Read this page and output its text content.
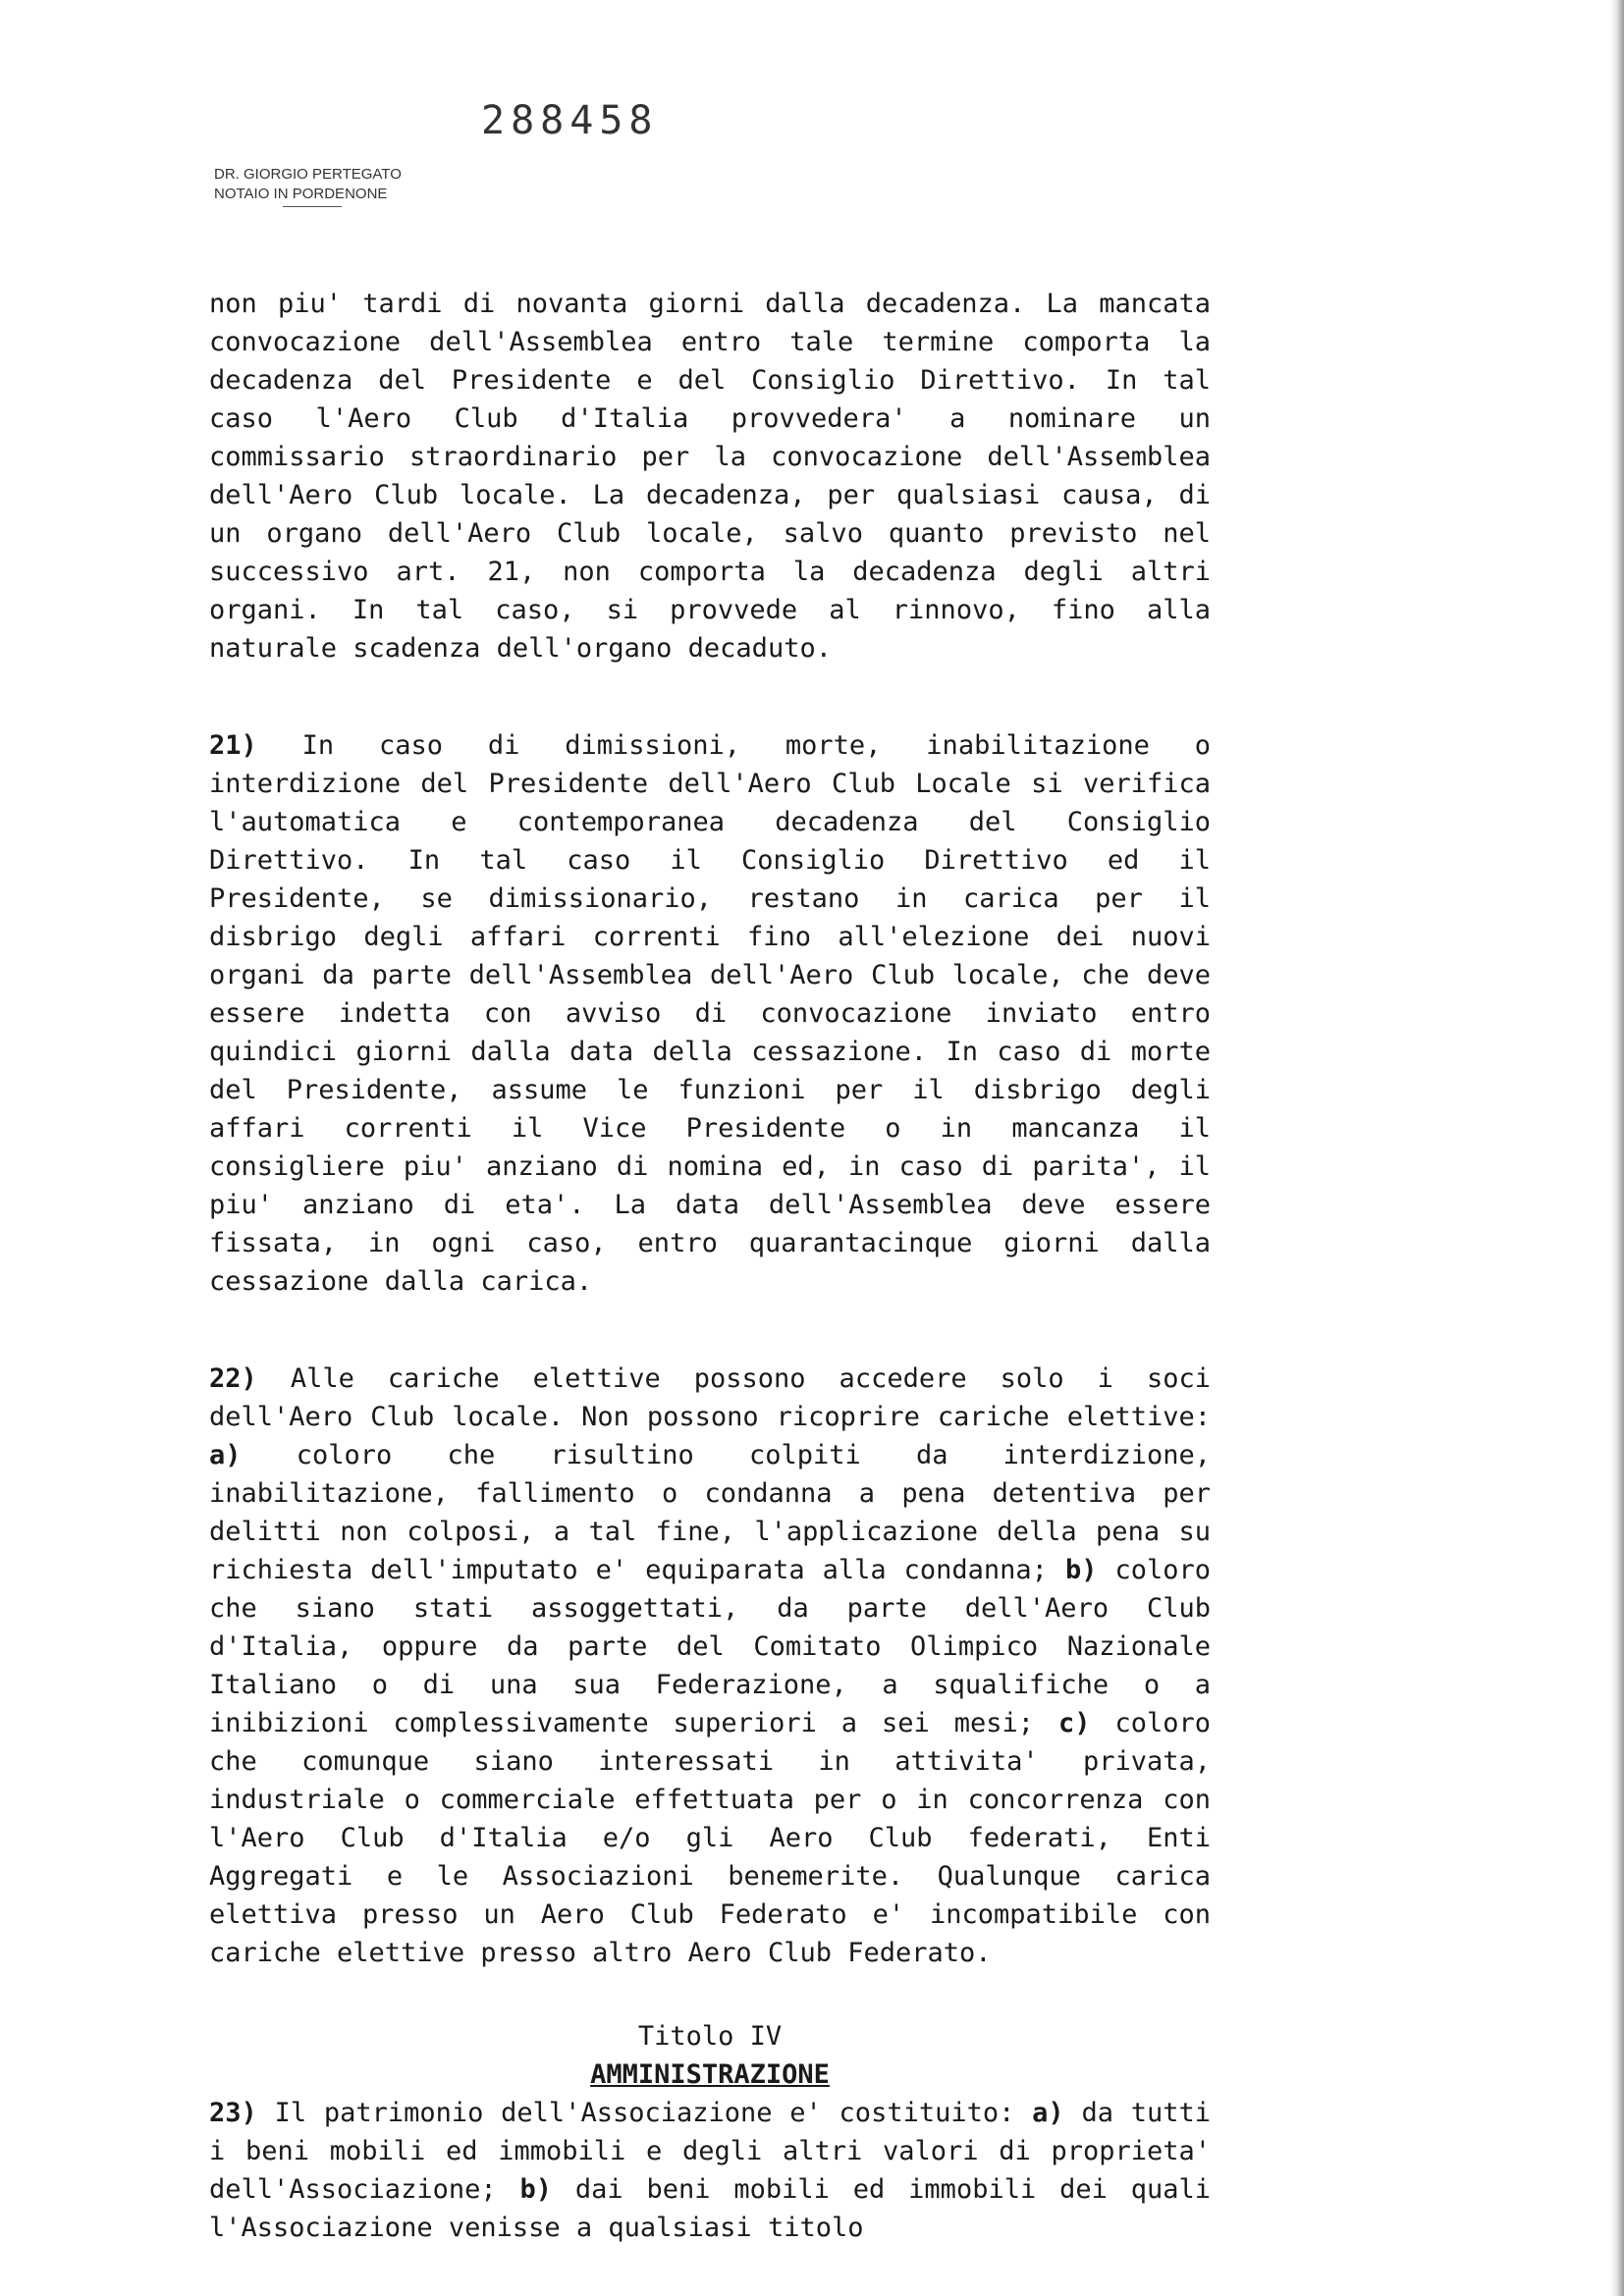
288458
DR. GIORGIO PERTEGATO
NOTAIO IN PORDENONE

non piu' tardi di novanta giorni dalla decadenza. La mancata convocazione dell'Assemblea entro tale termine comporta la decadenza del Presidente e del Consiglio Direttivo. In tal caso l'Aero Club d'Italia provvedera' a nominare un commissario straordinario per la convocazione dell'Assemblea dell'Aero Club locale. La decadenza, per qualsiasi causa, di un organo dell'Aero Club locale, salvo quanto previsto nel successivo art. 21, non comporta la decadenza degli altri organi. In tal caso, si provvede al rinnovo, fino alla naturale scadenza dell'organo decaduto.

21) In caso di dimissioni, morte, inabilitazione o interdizione del Presidente dell'Aero Club Locale si verifica l'automatica e contemporanea decadenza del Consiglio Direttivo. In tal caso il Consiglio Direttivo ed il Presidente, se dimissionario, restano in carica per il disbrigo degli affari correnti fino all'elezione dei nuovi organi da parte dell'Assemblea dell'Aero Club locale, che deve essere indetta con avviso di convocazione inviato entro quindici giorni dalla data della cessazione. In caso di morte del Presidente, assume le funzioni per il disbrigo degli affari correnti il Vice Presidente o in mancanza il consigliere piu' anziano di nomina ed, in caso di parita', il piu' anziano di eta'. La data dell'Assemblea deve essere fissata, in ogni caso, entro quarantacinque giorni dalla cessazione dalla carica.

22) Alle cariche elettive possono accedere solo i soci dell'Aero Club locale. Non possono ricoprire cariche elettive: a) coloro che risultino colpiti da interdizione, inabilitazione, fallimento o condanna a pena detentiva per delitti non colposi, a tal fine, l'applicazione della pena su richiesta dell'imputato e' equiparata alla condanna; b) coloro che siano stati assoggettati, da parte dell'Aero Club d'Italia, oppure da parte del Comitato Olimpico Nazionale Italiano o di una sua Federazione, a squalifiche o a inibizioni complessivamente superiori a sei mesi; c) coloro che comunque siano interessati in attivita' privata, industriale o commerciale effettuata per o in concorrenza con l'Aero Club d'Italia e/o gli Aero Club federati, Enti Aggregati e le Associazioni benemerite. Qualunque carica elettiva presso un Aero Club Federato e' incompatibile con cariche elettive presso altro Aero Club Federato.

Titolo IV
AMMINISTRAZIONE

23) Il patrimonio dell'Associazione e' costituito: a) da tutti i beni mobili ed immobili e degli altri valori di proprieta' dell'Associazione; b) dai beni mobili ed immobili dei quali l'Associazione venisse a qualsiasi titolo
